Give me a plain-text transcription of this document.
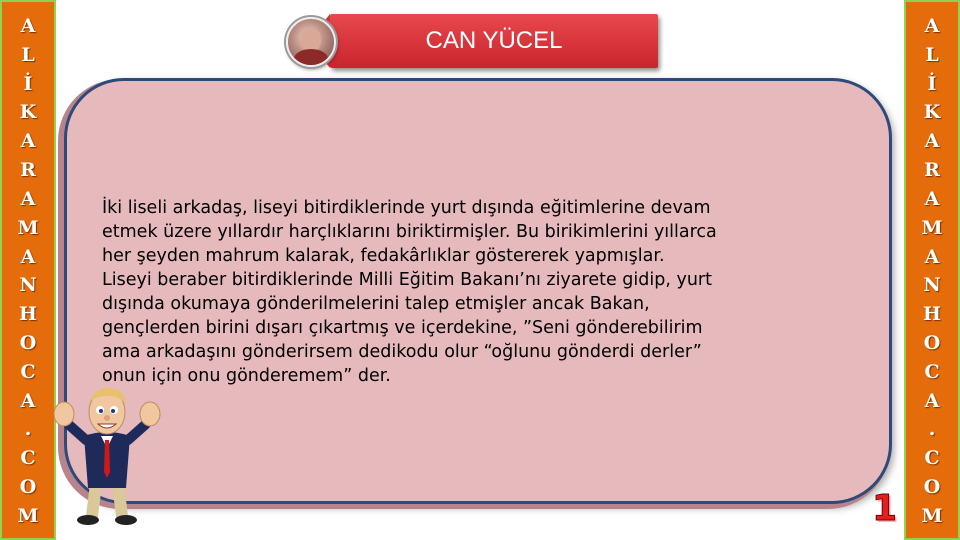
A
L
İ
K
A
R
A
M
A
N
H
O
C
A
.
C
O
M
A
L
İ
K
A
R
A
M
A
N
H
O
C
A
.
C
O
M
CAN YÜCEL

İki liseli arkadaş, liseyi bitirdiklerinde yurt dışında eğitimlerine devam
etmek üzere yıllardır harçlıklarını biriktirmişler. Bu birikimlerini yıllarca
her şeyden mahrum kalarak, fedakârlıklar göstererek yapmışlar.
Liseyi beraber bitirdiklerinde Milli Eğitim Bakanı’nı ziyarete gidip, yurt
dışında okumaya gönderilmelerini talep etmişler ancak Bakan,
gençlerden birini dışarı çıkartmış ve içerdekine, ”Seni gönderebilirim
ama arkadaşını gönderirsem dedikodu olur “oğlunu gönderdi derler”
onun için onu gönderemem” der.

1
